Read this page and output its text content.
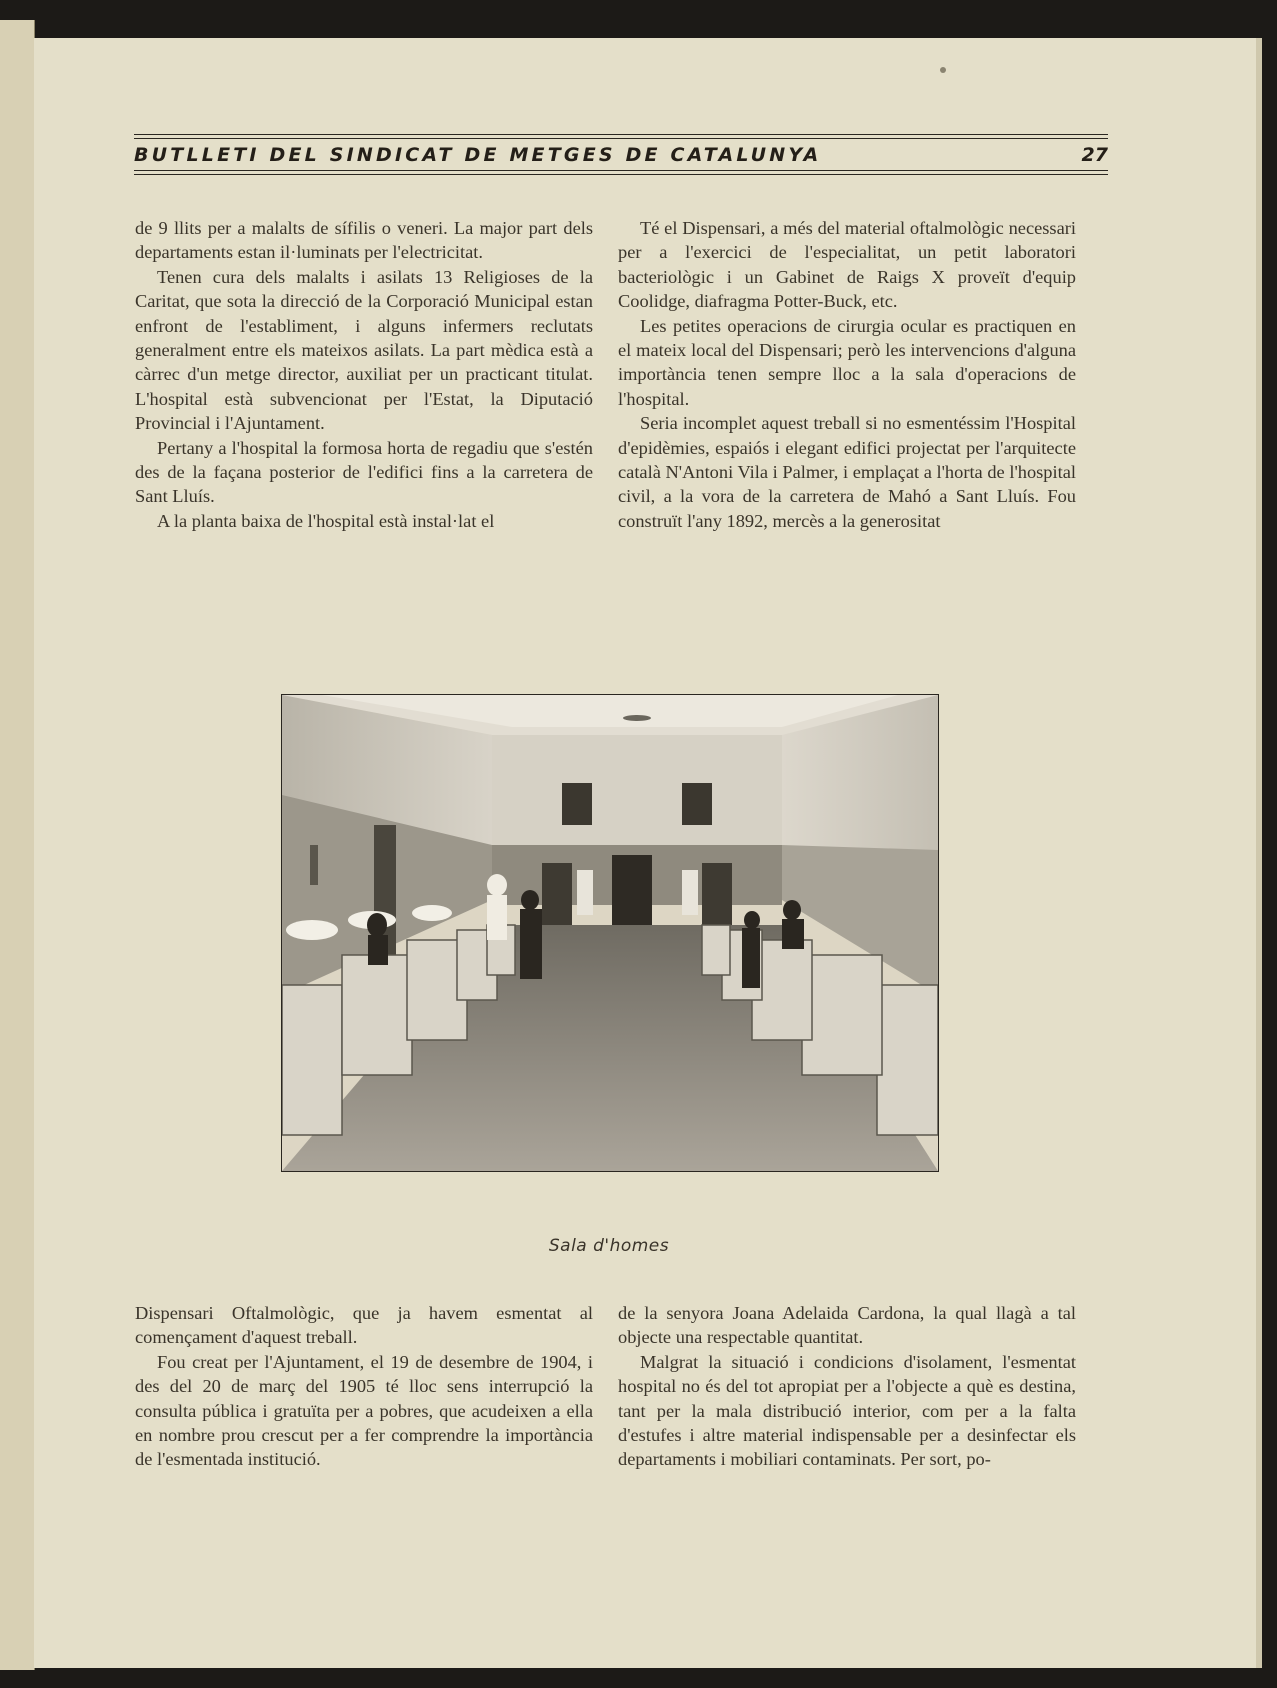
BUTLLETI DEL SINDICAT DE METGES DE CATALUNYA	27

de 9 llits per a malalts de sífilis o veneri. La major part dels departaments estan il·luminats per l'electricitat.

Tenen cura dels malalts i asilats 13 Religioses de la Caritat, que sota la direcció de la Corporació Municipal estan enfront de l'establiment, i alguns infermers reclutats generalment entre els mateixos asilats. La part mèdica està a càrrec d'un metge director, auxiliat per un practicant titulat. L'hospital està subvencionat per l'Estat, la Diputació Provincial i l'Ajuntament.

Pertany a l'hospital la formosa horta de regadiu que s'estén des de la façana posterior de l'edifici fins a la carretera de Sant Lluís.

A la planta baixa de l'hospital està instal·lat el

Té el Dispensari, a més del material oftalmològic necessari per a l'exercici de l'especialitat, un petit laboratori bacteriològic i un Gabinet de Raigs X proveït d'equip Coolidge, diafragma Potter-Buck, etc.

Les petites operacions de cirurgia ocular es practiquen en el mateix local del Dispensari; però les intervencions d'alguna importància tenen sempre lloc a la sala d'operacions de l'hospital.

Seria incomplet aquest treball si no esmentéssim l'Hospital d'epidèmies, espaiós i elegant edifici projectat per l'arquitecte català N'Antoni Vila i Palmer, i emplaçat a l'horta de l'hospital civil, a la vora de la carretera de Mahó a Sant Lluís. Fou construït l'any 1892, mercès a la generositat

Sala d'homes

Dispensari Oftalmològic, que ja havem esmentat al començament d'aquest treball.

Fou creat per l'Ajuntament, el 19 de desembre de 1904, i des del 20 de març del 1905 té lloc sens interrupció la consulta pública i gratuïta per a pobres, que acudeixen a ella en nombre prou crescut per a fer comprendre la importància de l'esmentada institució.

de la senyora Joana Adelaida Cardona, la qual llagà a tal objecte una respectable quantitat.

Malgrat la situació i condicions d'isolament, l'esmentat hospital no és del tot apropiat per a l'objecte a què es destina, tant per la mala distribució interior, com per a la falta d'estufes i altre material indispensable per a desinfectar els departaments i mobiliari contaminats. Per sort, po-
